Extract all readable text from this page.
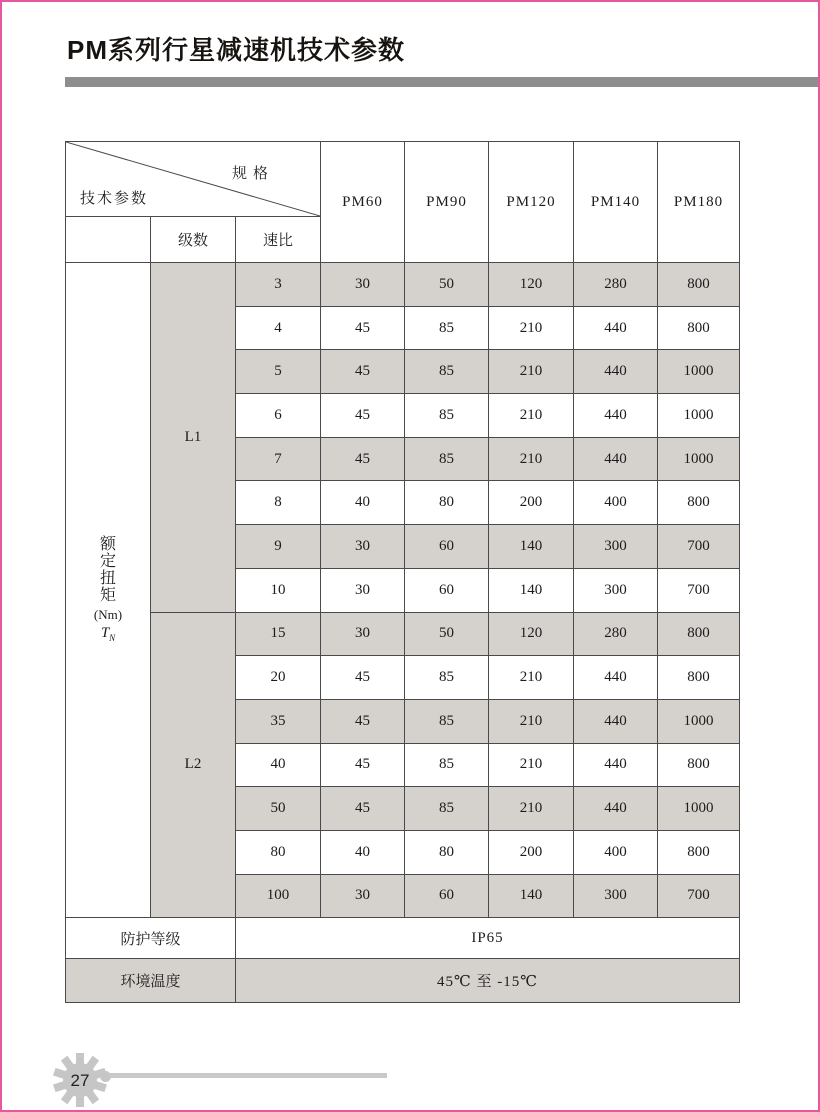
PM系列行星减速机技术参数
规格
技术参数			PM60	PM90	PM120	PM140	PM180
	级数	速比					

额定扭矩
(Nm)
$T_N$	L1	3	30	50	120	280	800
		4	45	85	210	440	800
		5	45	85	210	440	1000
		6	45	85	210	440	1000
		7	45	85	210	440	1000
		8	40	80	200	400	800
		9	30	60	140	300	700
		10	30	60	140	300	700
	L2	15	30	50	120	280	800
		20	45	85	210	440	800
		35	45	85	210	440	1000
		40	45	85	210	440	800
		50	45	85	210	440	1000
		80	40	80	200	400	800
		100	30	60	140	300	700
防护等级		IP65					
环境温度		45℃ 至 -15℃					
27
